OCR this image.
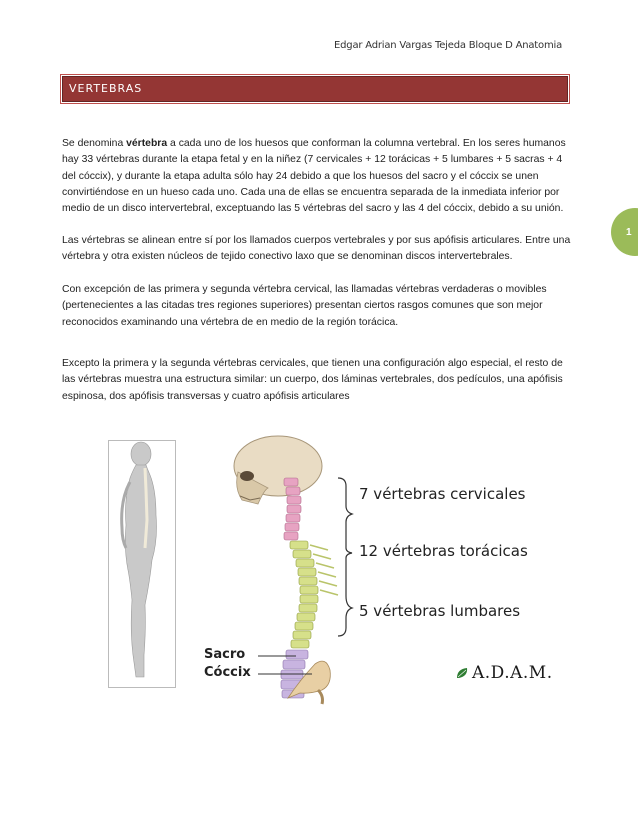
Edgar Adrian Vargas Tejeda Bloque D Anatomia
1
VERTEBRAS

Se denomina vértebra a cada uno de los huesos que conforman la columna vertebral. En los seres humanos hay 33 vértebras durante la etapa fetal y en la niñez (7 cervicales + 12 torácicas + 5 lumbares + 5 sacras + 4 del cóccix), y durante la etapa adulta sólo hay 24 debido a que los huesos del sacro y el cóccix se unen convirtiéndose en un hueso cada uno. Cada una de ellas se encuentra separada de la inmediata inferior por medio de un disco intervertebral, exceptuando las 5 vértebras del sacro y las 4 del cóccix, debido a su unión.

Las vértebras se alinean entre sí por los llamados cuerpos vertebrales y por sus apófisis articulares. Entre una vértebra y otra existen núcleos de tejido conectivo laxo que se denominan discos intervertebrales.

Con excepción de las primera y segunda vértebra cervical, las llamadas vértebras verdaderas o movibles (pertenecientes a las citadas tres regiones superiores) presentan ciertos rasgos comunes que son mejor reconocidos examinando una vértebra de en medio de la región torácica.

Excepto la primera y la segunda vértebras cervicales, que tienen una configuración algo especial, el resto de las vértebras muestra una estructura similar: un cuerpo, dos láminas vertebrales, dos pedículos, una apófisis espinosa, dos apófisis transversas y cuatro apófisis articulares

7 vértebras cervicales
12 vértebras torácicas
5 vértebras lumbares
Sacro
Cóccix	A.D.A.M.
